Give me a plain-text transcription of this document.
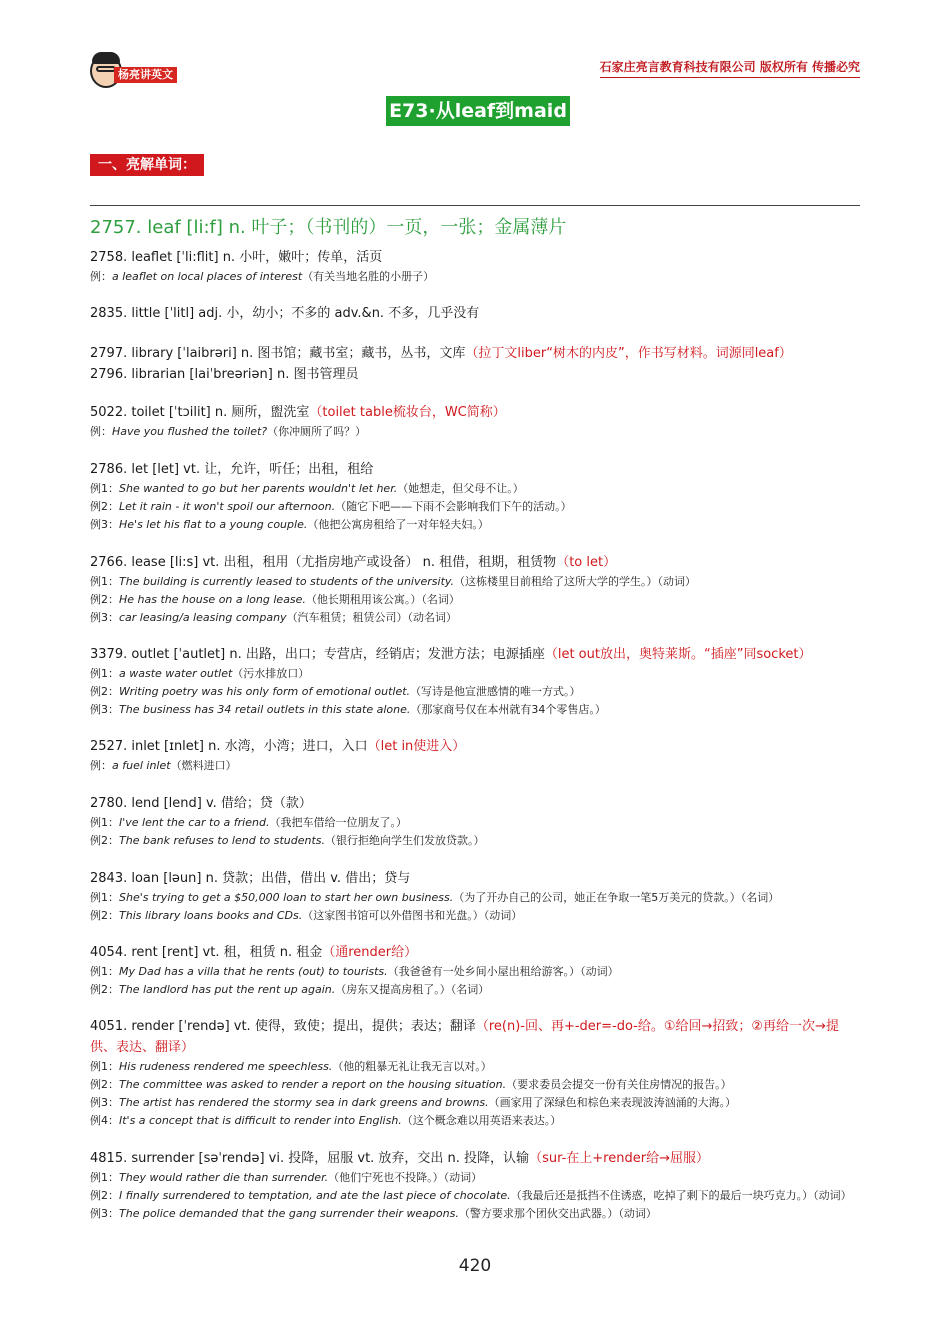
杨亮讲英文
石家庄亮言教育科技有限公司 版权所有 传播必究
E73·从leaf到maid
一、亮解单词：
2757. leaf [li:f] n. 叶子；（书刊的）一页，一张；金属薄片
2758. leaflet [ˈli:flit] n. 小叶，嫩叶；传单，活页
例：a leaflet on local places of interest（有关当地名胜的小册子）
2835. little [ˈlitl] adj. 小，幼小；不多的 adv.&n. 不多，几乎没有
2797. library [ˈlaibrəri] n. 图书馆；藏书室；藏书，丛书，文库（拉丁文liber“树木的内皮”，作书写材料。词源同leaf）
2796. librarian [laiˈbreəriən] n. 图书管理员
5022. toilet [ˈtɔilit] n. 厕所，盥洗室（toilet table梳妆台，WC简称）
例：Have you flushed the toilet?（你冲厕所了吗？）
2786. let [let] vt. 让，允许，听任；出租，租给
例1：She wanted to go but her parents wouldn't let her.（她想走，但父母不让。）
例2：Let it rain - it won't spoil our afternoon.（随它下吧——下雨不会影响我们下午的活动。）
例3：He's let his flat to a young couple.（他把公寓房租给了一对年轻夫妇。）
2766. lease [li:s] vt. 出租，租用（尤指房地产或设备） n. 租借，租期，租赁物（to let）
例1：The building is currently leased to students of the university.（这栋楼里目前租给了这所大学的学生。）（动词）
例2：He has the house on a long lease.（他长期租用该公寓。）（名词）
例3：car leasing/a leasing company（汽车租赁；租赁公司）（动名词）
3379. outlet [ˈautlet] n. 出路，出口；专营店，经销店；发泄方法；电源插座（let out放出，奥特莱斯。“插座”同socket）
例1：a waste water outlet（污水排放口）
例2：Writing poetry was his only form of emotional outlet.（写诗是他宣泄感情的唯一方式。）
例3：The business has 34 retail outlets in this state alone.（那家商号仅在本州就有34个零售店。）
2527. inlet [ɪnlet] n. 水湾，小湾；进口，入口（let in使进入）
例：a fuel inlet（燃料进口）
2780. lend [lend] v. 借给；贷（款）
例1：I've lent the car to a friend.（我把车借给一位朋友了。）
例2：The bank refuses to lend to students.（银行拒绝向学生们发放贷款。）
2843. loan [ləun] n. 贷款；出借，借出 v. 借出；贷与
例1：She's trying to get a $50,000 loan to start her own business.（为了开办自己的公司，她正在争取一笔5万美元的贷款。）（名词）
例2：This library loans books and CDs.（这家图书馆可以外借图书和光盘。）（动词）
4054. rent [rent] vt. 租，租赁 n. 租金（通render给）
例1：My Dad has a villa that he rents (out) to tourists.（我爸爸有一处乡间小屋出租给游客。）（动词）
例2：The landlord has put the rent up again.（房东又提高房租了。）（名词）
4051. render [ˈrendə] vt. 使得，致使；提出，提供；表达；翻译（re(n)-回、再+-der=-do-给。①给回→招致；②再给一次→提供、表达、翻译）
例1：His rudeness rendered me speechless.（他的粗暴无礼让我无言以对。）
例2：The committee was asked to render a report on the housing situation.（要求委员会提交一份有关住房情况的报告。）
例3：The artist has rendered the stormy sea in dark greens and browns.（画家用了深绿色和棕色来表现波涛汹涌的大海。）
例4：It's a concept that is difficult to render into English.（这个概念难以用英语来表达。）
4815. surrender [səˈrendə] vi. 投降，屈服 vt. 放弃，交出 n. 投降，认输（sur-在上+render给→屈服）
例1：They would rather die than surrender.（他们宁死也不投降。）（动词）
例2：I finally surrendered to temptation, and ate the last piece of chocolate.（我最后还是抵挡不住诱惑，吃掉了剩下的最后一块巧克力。）（动词）
例3：The police demanded that the gang surrender their weapons.（警方要求那个团伙交出武器。）（动词）
420
